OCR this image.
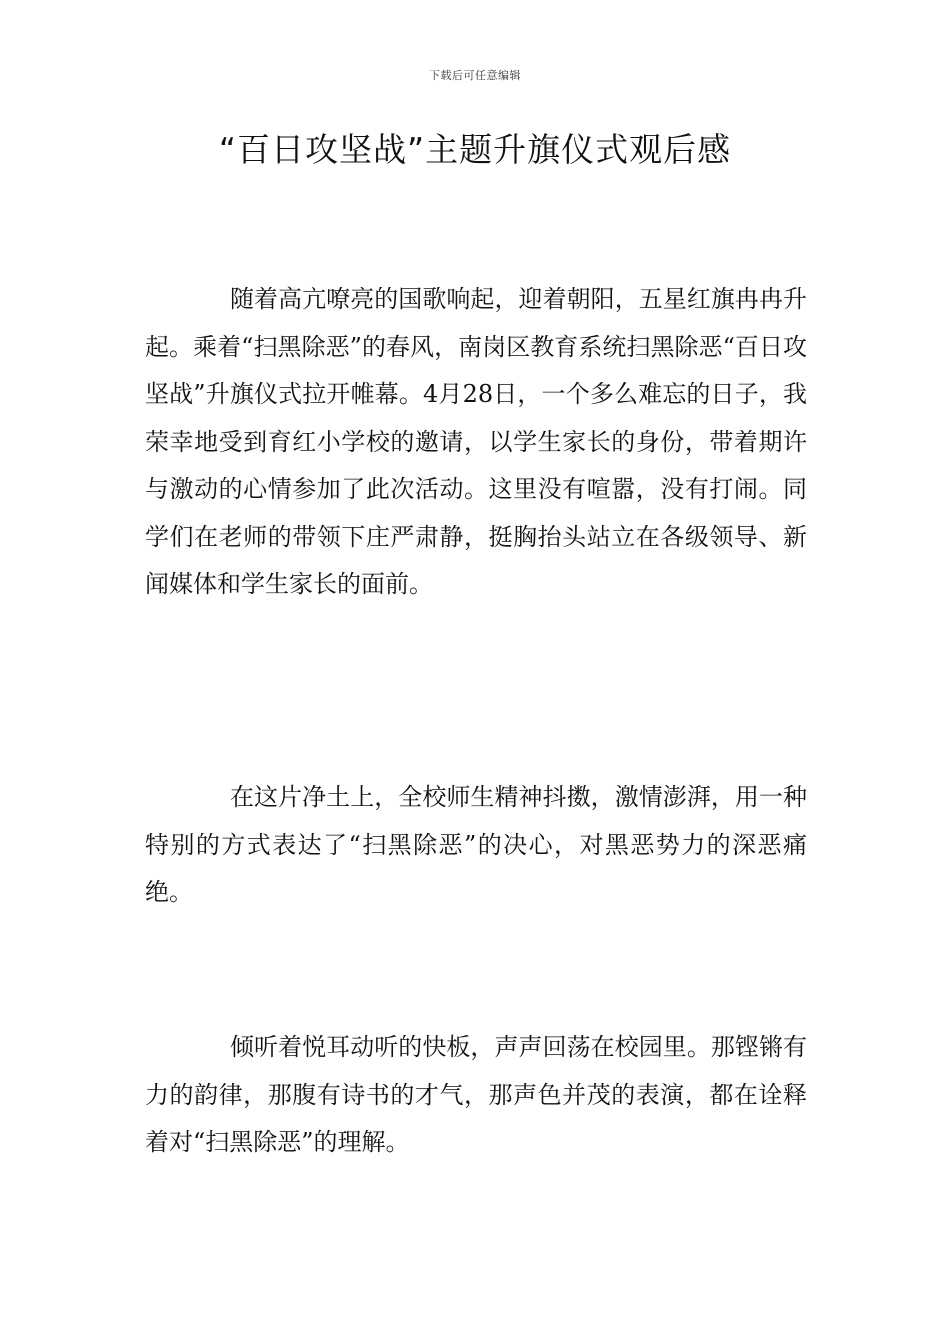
下载后可任意编辑
“百日攻坚战”主题升旗仪式观后感

随着高亢嘹亮的国歌响起，迎着朝阳，五星红旗冉冉升起。乘着“扫黑除恶”的春风，南岗区教育系统扫黑除恶“百日攻坚战”升旗仪式拉开帷幕。4月28日，一个多么难忘的日子，我荣幸地受到育红小学校的邀请，以学生家长的身份，带着期许与激动的心情参加了此次活动。这里没有喧嚣，没有打闹。同学们在老师的带领下庄严肃静，挺胸抬头站立在各级领导、新闻媒体和学生家长的面前。

在这片净土上，全校师生精神抖擞，激情澎湃，用一种特别的方式表达了“扫黑除恶”的决心，对黑恶势力的深恶痛绝。

倾听着悦耳动听的快板，声声回荡在校园里。那铿锵有力的韵律，那腹有诗书的才气，那声色并茂的表演，都在诠释着对“扫黑除恶”的理解。
